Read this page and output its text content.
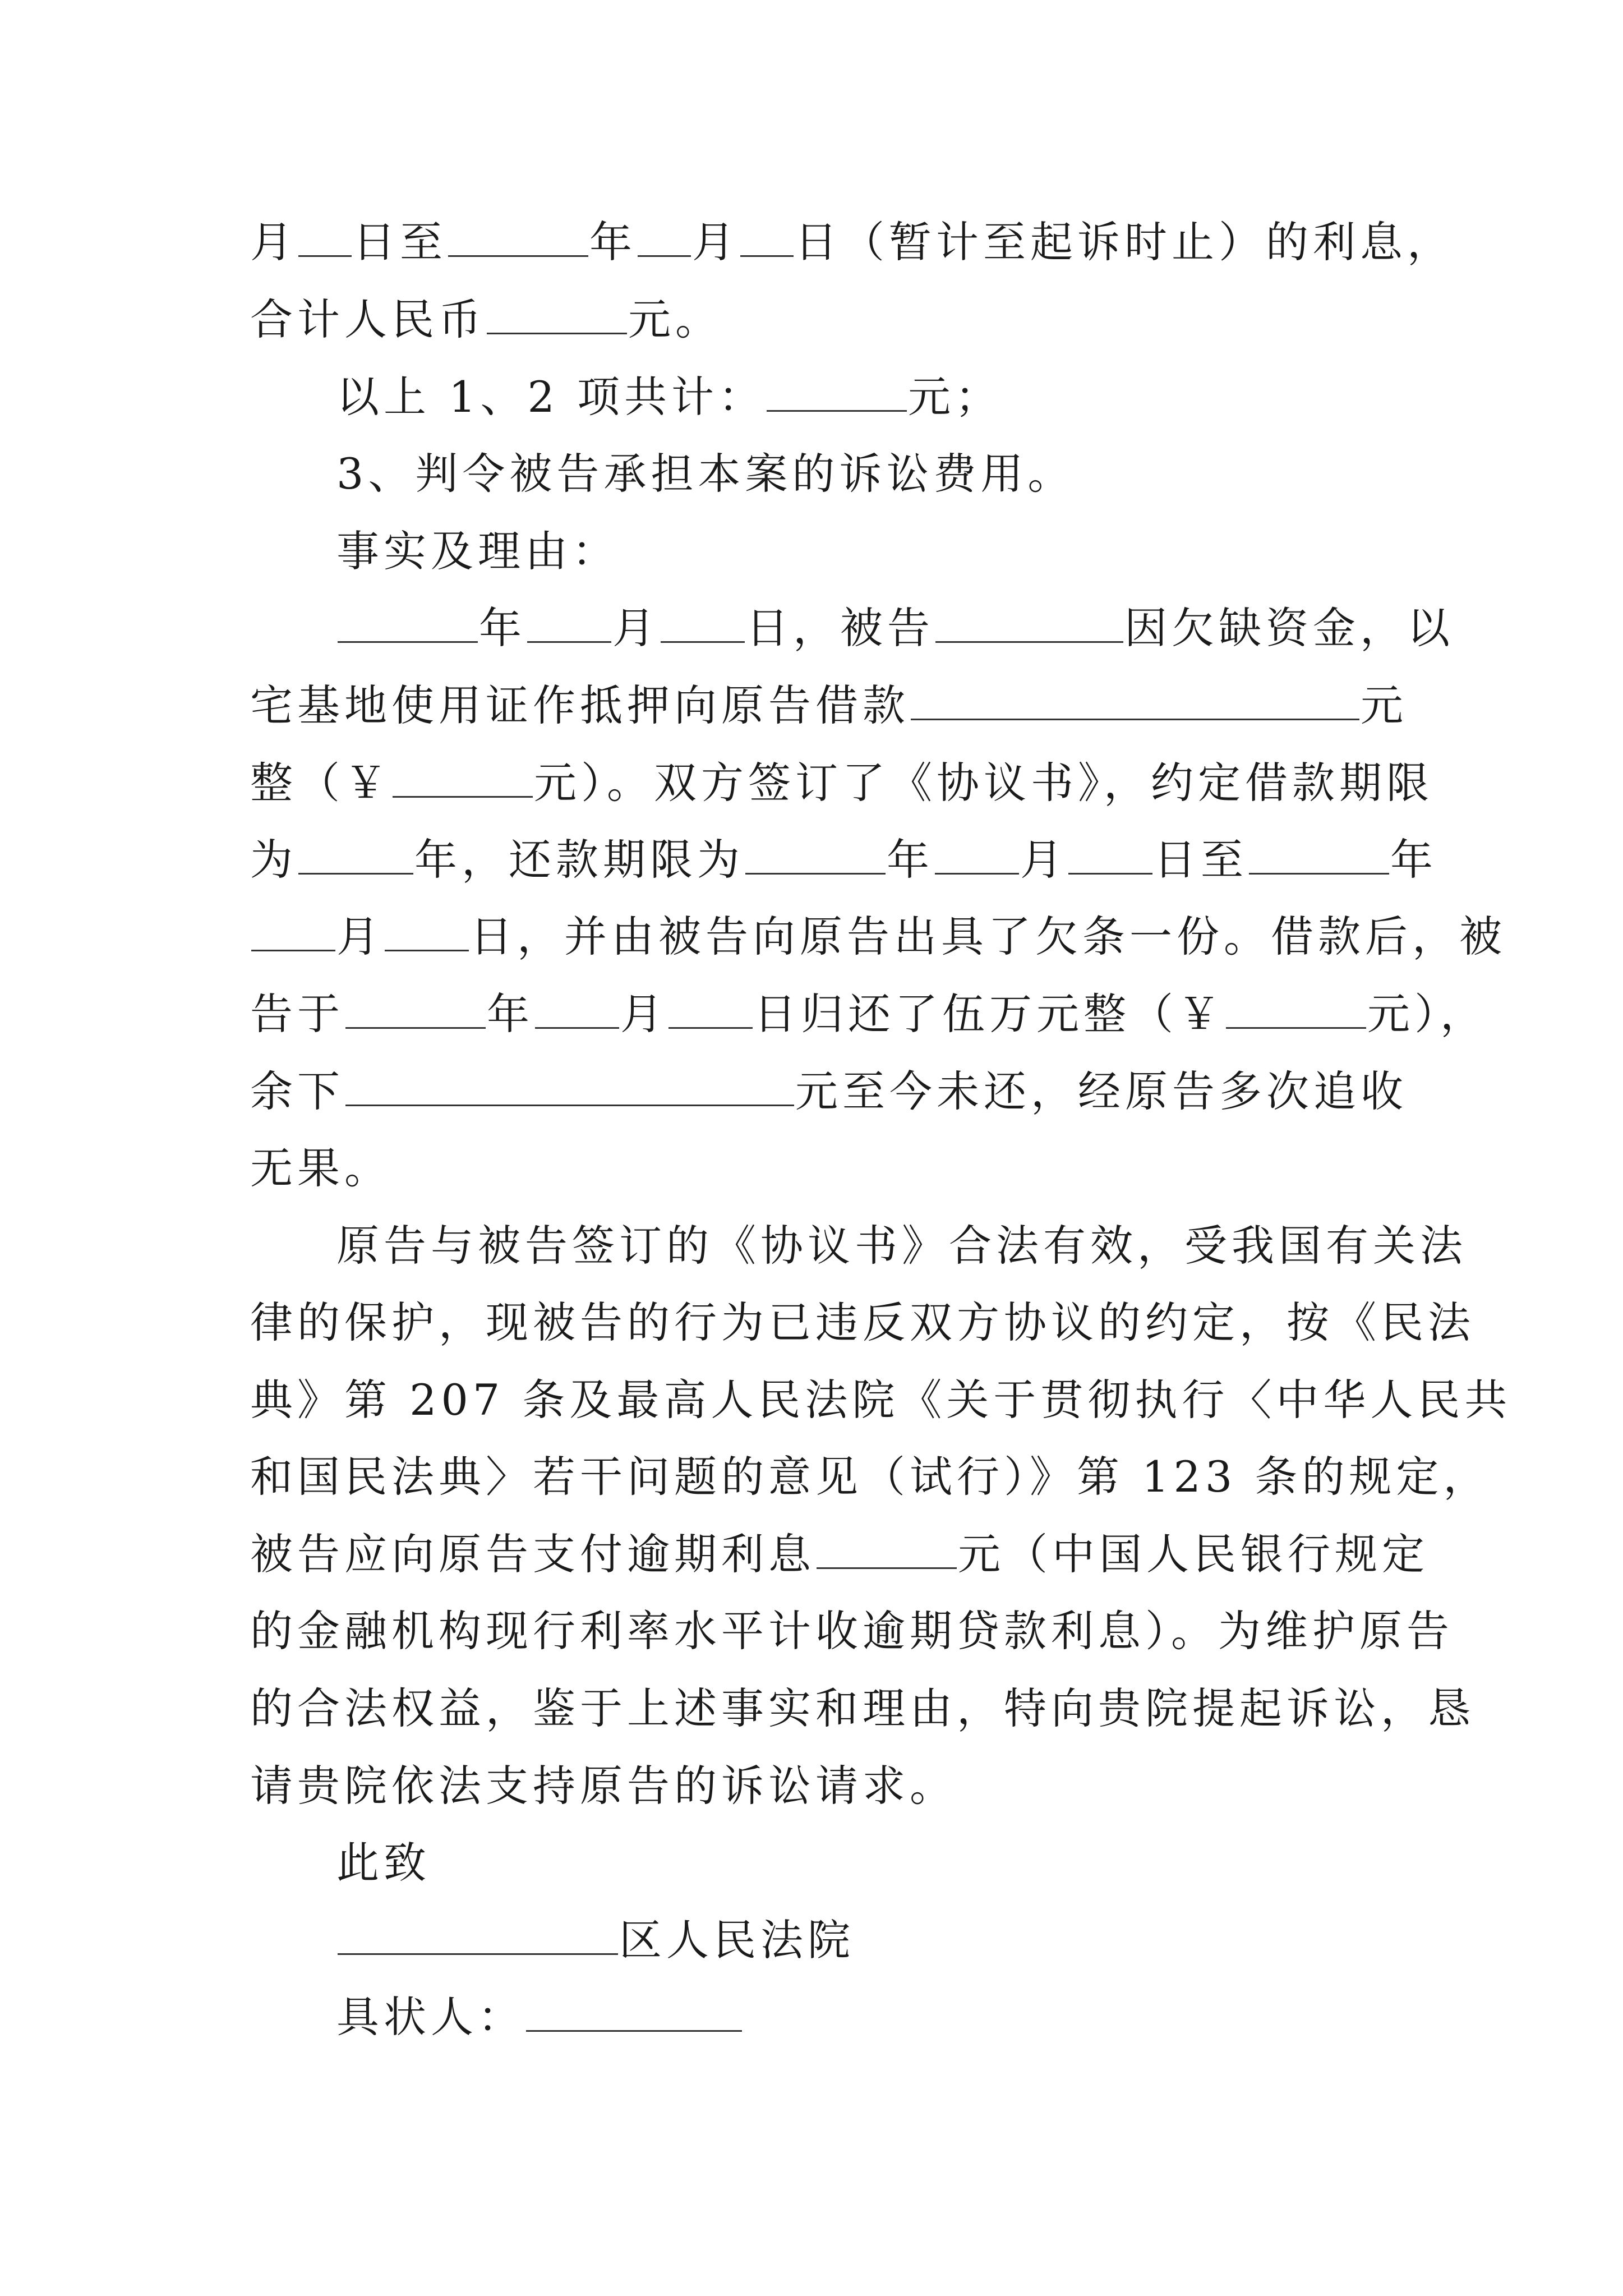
月 日至	年 月 日（暂计至起诉时止）的利息，
合计人民币	元。
以上 1、2 项共计：	元；
3、判令被告承担本案的诉讼费用。
事实及理由：
年 月 日，被告	因欠缺资金，以
宅基地使用证作抵押向原告借款	元
整（￥	元）。双方签订了《协议书》，约定借款期限
为	年，还款期限为	年 月 日至	年
月 日，并由被告向原告出具了欠条一份。借款后，被
告于	年 月 日归还了伍万元整（￥	元），
余下	元至今未还，经原告多次追收
无果。
原告与被告签订的《协议书》合法有效，受我国有关法
律的保护，现被告的行为已违反双方协议的约定，按《民法
典》第 207 条及最高人民法院《关于贯彻执行〈中华人民共
和国民法典〉若干问题的意见（试行）》第 123 条的规定，
被告应向原告支付逾期利息	元（中国人民银行规定
的金融机构现行利率水平计收逾期贷款利息）。为维护原告
的合法权益，鉴于上述事实和理由，特向贵院提起诉讼，恳
请贵院依法支持原告的诉讼请求。
此致
区人民法院
具状人：
